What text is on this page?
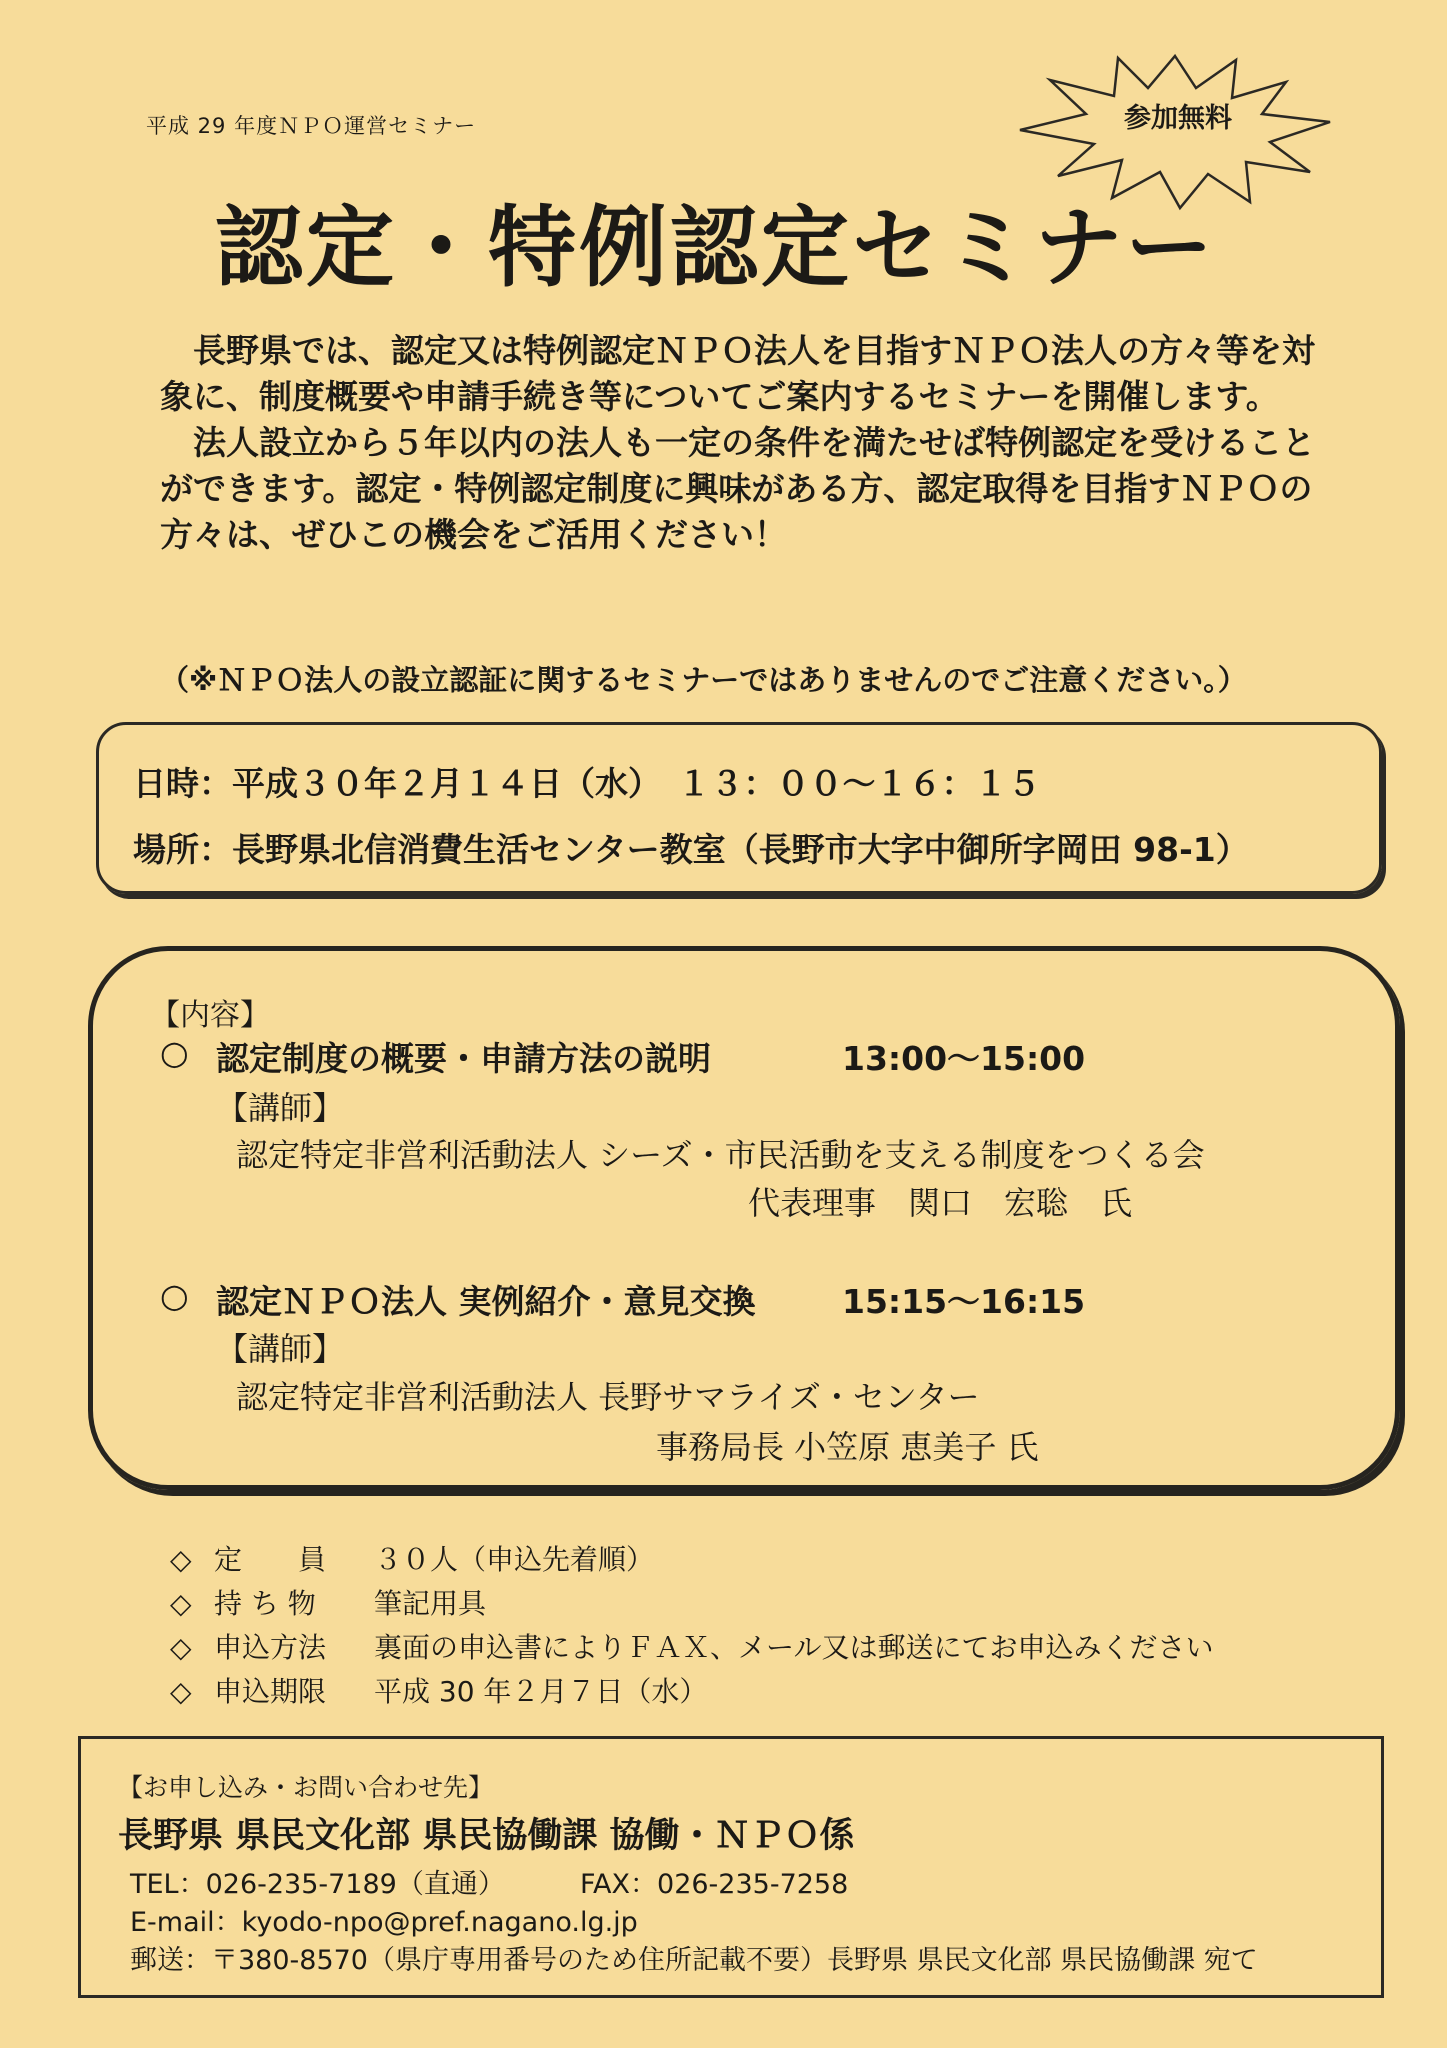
平成 29 年度ＮＰＯ運営セミナー	参加無料
認定・特例認定セミナー

長野県では、認定又は特例認定ＮＰＯ法人を目指すＮＰＯ法人の方々等を対象に、制度概要や申請手続き等についてご案内するセミナーを開催します。

法人設立から５年以内の法人も一定の条件を満たせば特例認定を受けることができます。認定・特例認定制度に興味がある方、認定取得を目指すＮＰＯの方々は、ぜひこの機会をご活用ください！

（※ＮＰＯ法人の設立認証に関するセミナーではありませんのでご注意ください。）
日時：平成３０年２月１４日（水）　１３：００～１６：１５
場所：長野県北信消費生活センター教室（長野市大字中御所字岡田 98-1）
【内容】
○ 認定制度の概要・申請方法の説明	13:00～15:00
【講師】
認定特定非営利活動法人 シーズ・市民活動を支える制度をつくる会
代表理事　関口　宏聡　氏
○ 認定ＮＰＯ法人 実例紹介・意見交換	15:15～16:15
【講師】
認定特定非営利活動法人 長野サマライズ・センター
事務局長 小笠原 恵美子 氏
◇ 定　　員 ３０人（申込先着順）
◇ 持 ち 物 筆記用具
◇ 申込方法 裏面の申込書によりＦＡＸ、メール又は郵送にてお申込みください
◇ 申込期限 平成 30 年２月７日（水）
【お申し込み・お問い合わせ先】
長野県 県民文化部 県民協働課 協働・ＮＰＯ係
TEL：026-235-7189（直通）	FAX：026-235-7258
E-mail：kyodo-npo@pref.nagano.lg.jp
郵送：〒380-8570（県庁専用番号のため住所記載不要）長野県 県民文化部 県民協働課 宛て
